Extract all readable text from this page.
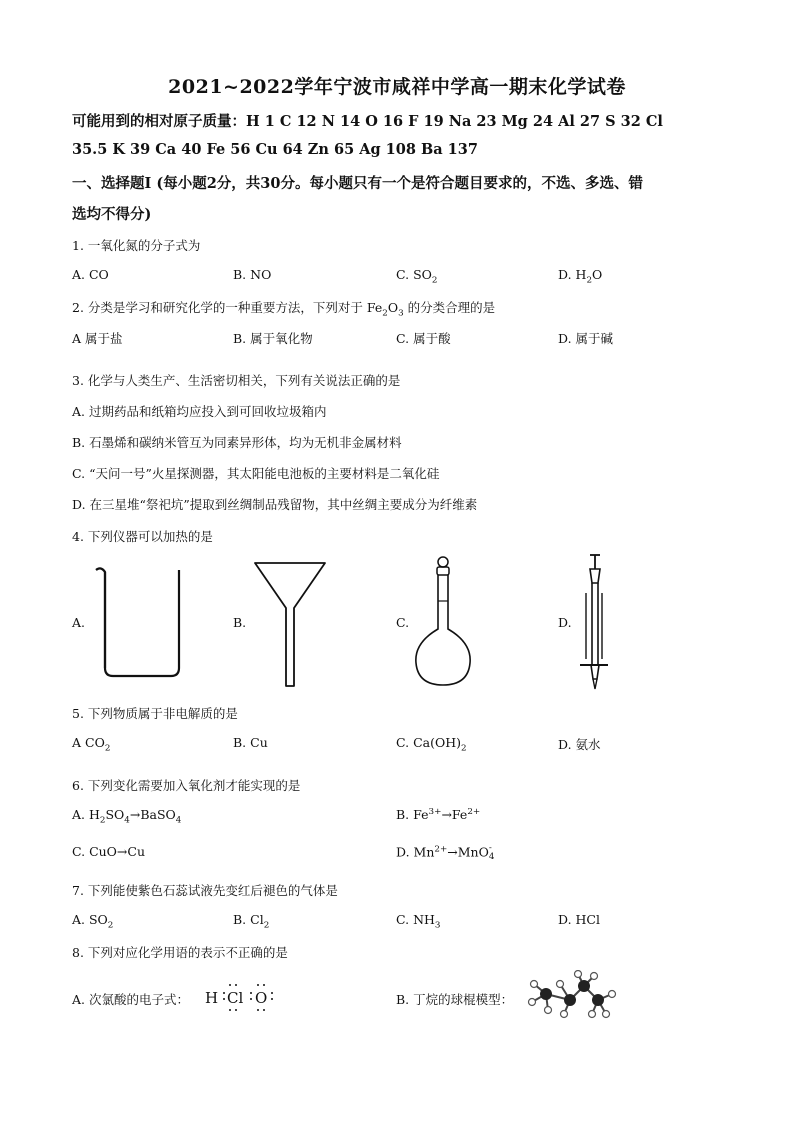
2021~2022学年宁波市咸祥中学高一期末化学试卷
可能用到的相对原子质量：H 1 C 12 N 14 O 16 F 19 Na 23 Mg 24 Al 27 S 32 Cl
35.5 K 39 Ca 40 Fe 56 Cu 64 Zn 65 Ag 108 Ba 137
一、选择题Ⅰ (每小题2分，共30分。每小题只有一个是符合题目要求的，不选、多选、错
选均不得分)
1. 一氧化氮的分子式为
A. CO	B. NO	C. $SO_2$	D. $H_2O$
2. 分类是学习和研究化学的一种重要方法，下列对于 $Fe_2O_3$ 的分类合理的是
A 属于盐	B. 属于氧化物	C. 属于酸	D. 属于碱
3. 化学与人类生产、生活密切相关，下列有关说法正确的是
A. 过期药品和纸箱均应投入到可回收垃圾箱内
B. 石墨烯和碳纳米管互为同素异形体，均为无机非金属材料
C. “天问一号”火星探测器，其太阳能电池板的主要材料是二氧化硅
D. 在三星堆“祭祀坑”提取到丝绸制品残留物，其中丝绸主要成分为纤维素
4. 下列仪器可以加热的是
A.	B.	C.	D.
5. 下列物质属于非电解质的是
A $CO_2$	B. Cu	C. $Ca(OH)_2$	D. 氨水
6. 下列变化需要加入氧化剂才能实现的是
A. $H_2SO_4\to BaSO_4$	B. $Fe^{3+}\to Fe^{2+}$
C. CuO→Cu	D. $Mn^{2+}\to MnO$ -
4
7. 下列能使紫色石蕊试液先变红后褪色的气体是
A. $SO_2$	B. $Cl_2$	C. $NH_3$	D. HCl
8. 下列对应化学用语的表示不正确的是
A. 次氯酸的电子式： H Cl O	B. 丁烷的球棍模型：
